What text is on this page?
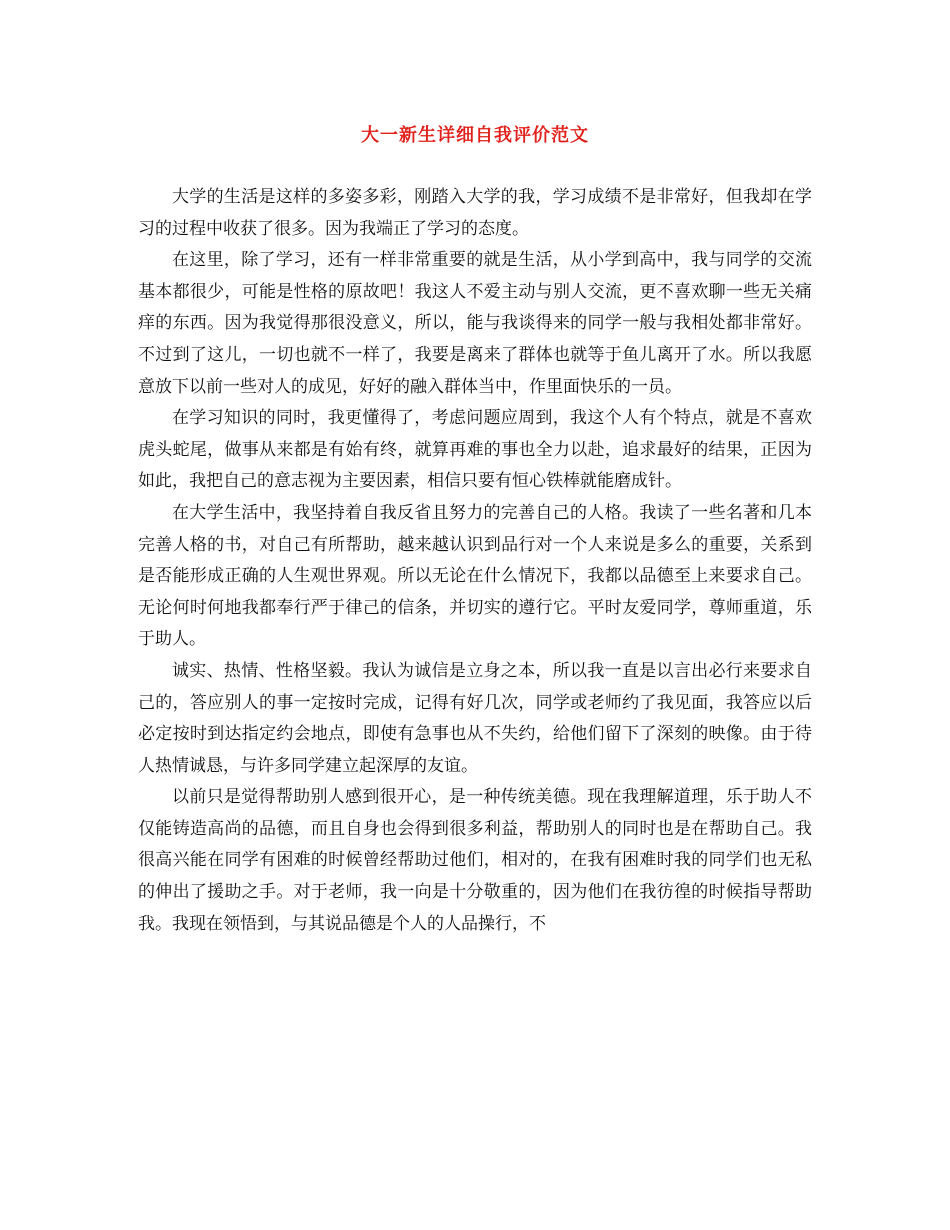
大一新生详细自我评价范文

大学的生活是这样的多姿多彩，刚踏入大学的我，学习成绩不是非常好，但我却在学习的过程中收获了很多。因为我端正了学习的态度。

在这里，除了学习，还有一样非常重要的就是生活，从小学到高中，我与同学的交流基本都很少，可能是性格的原故吧！我这人不爱主动与别人交流，更不喜欢聊一些无关痛痒的东西。因为我觉得那很没意义，所以，能与我谈得来的同学一般与我相处都非常好。不过到了这儿，一切也就不一样了，我要是离来了群体也就等于鱼儿离开了水。所以我愿意放下以前一些对人的成见，好好的融入群体当中，作里面快乐的一员。

在学习知识的同时，我更懂得了，考虑问题应周到，我这个人有个特点，就是不喜欢虎头蛇尾，做事从来都是有始有终，就算再难的事也全力以赴，追求最好的结果，正因为如此，我把自己的意志视为主要因素，相信只要有恒心铁棒就能磨成针。

在大学生活中，我坚持着自我反省且努力的完善自己的人格。我读了一些名著和几本完善人格的书，对自己有所帮助，越来越认识到品行对一个人来说是多么的重要，关系到是否能形成正确的人生观世界观。所以无论在什么情况下，我都以品德至上来要求自己。无论何时何地我都奉行严于律己的信条，并切实的遵行它。平时友爱同学，尊师重道，乐于助人。

诚实、热情、性格坚毅。我认为诚信是立身之本，所以我一直是以言出必行来要求自己的，答应别人的事一定按时完成，记得有好几次，同学或老师约了我见面，我答应以后必定按时到达指定约会地点，即使有急事也从不失约，给他们留下了深刻的映像。由于待人热情诚恳，与许多同学建立起深厚的友谊。

以前只是觉得帮助别人感到很开心，是一种传统美德。现在我理解道理，乐于助人不仅能铸造高尚的品德，而且自身也会得到很多利益，帮助别人的同时也是在帮助自己。我很高兴能在同学有困难的时候曾经帮助过他们，相对的，在我有困难时我的同学们也无私的伸出了援助之手。对于老师，我一向是十分敬重的，因为他们在我彷徨的时候指导帮助我。我现在领悟到，与其说品德是个人的人品操行，不
